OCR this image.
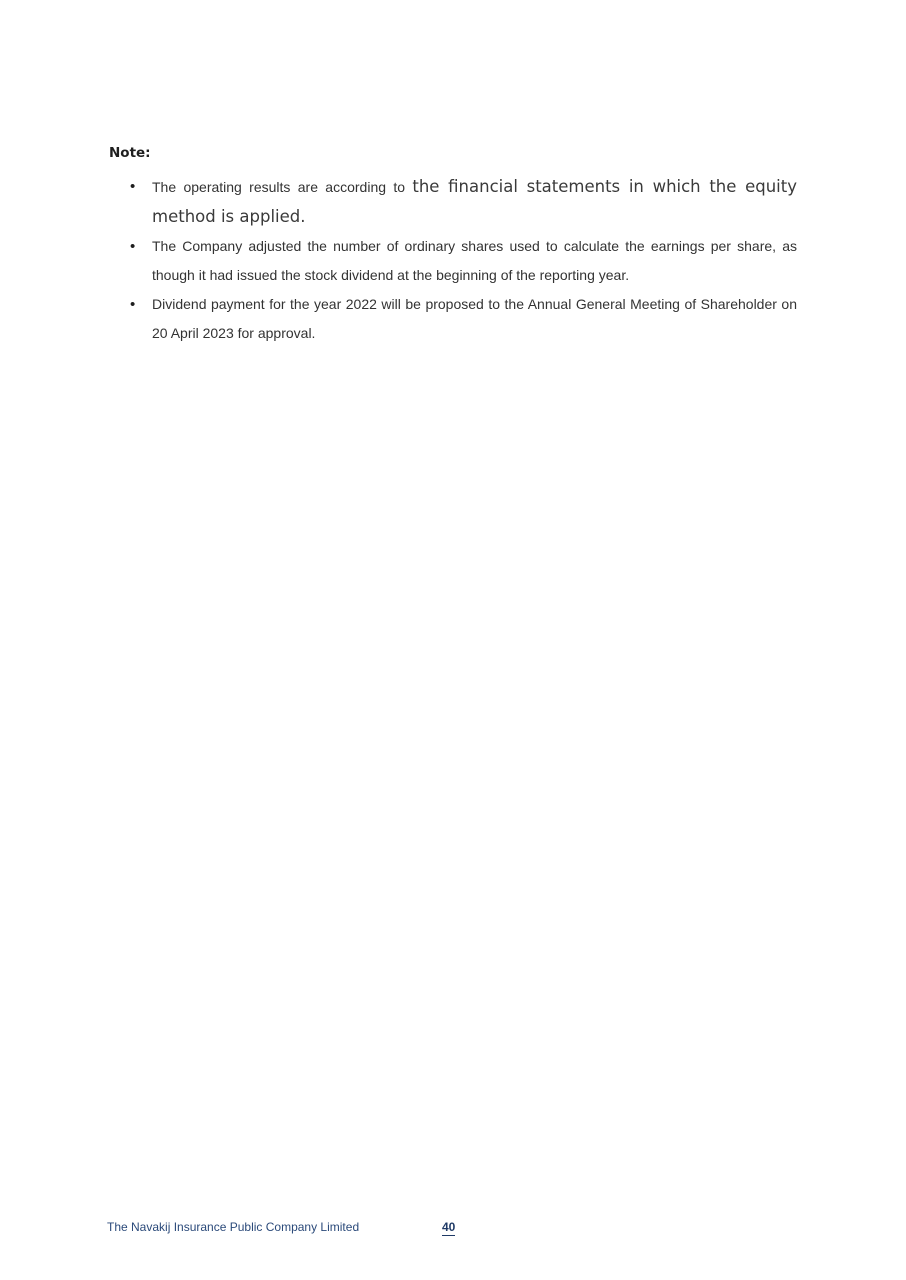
Note:
• The operating results are according to the financial statements in which the equity method is applied.
• The Company adjusted the number of ordinary shares used to calculate the earnings per share, as though it had issued the stock dividend at the beginning of the reporting year.
• Dividend payment for the year 2022 will be proposed to the Annual General Meeting of Shareholder on 20 April 2023 for approval.
The Navakij Insurance Public Company Limited	40
